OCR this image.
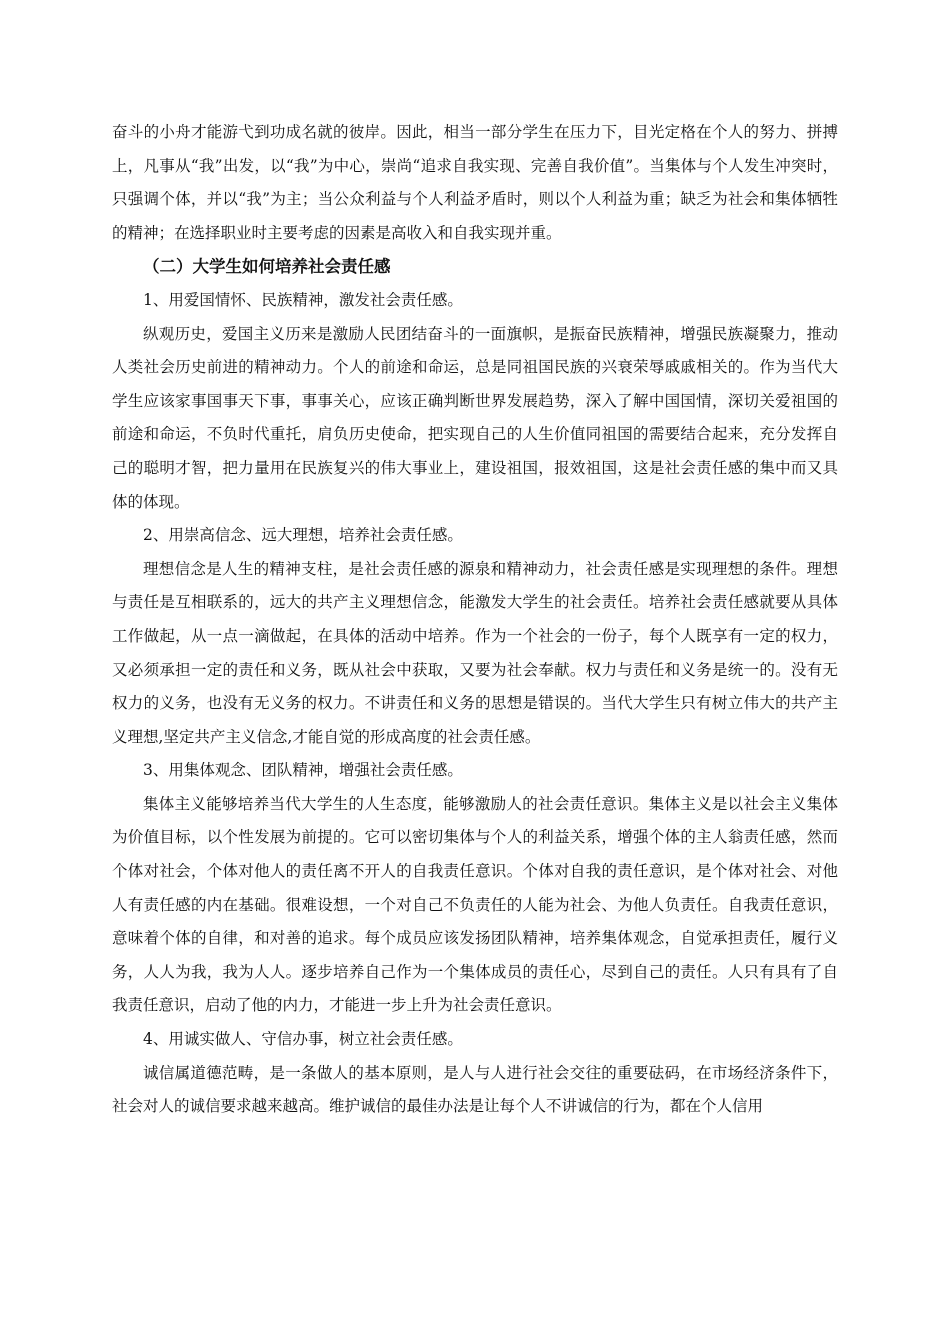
奋斗的小舟才能游弋到功成名就的彼岸。因此，相当一部分学生在压力下，目光定格在个人的努力、拼搏上，凡事从“我”出发，以“我”为中心，崇尚“追求自我实现、完善自我价值”。当集体与个人发生冲突时，只强调个体，并以“我”为主；当公众利益与个人利益矛盾时，则以个人利益为重；缺乏为社会和集体牺牲的精神；在选择职业时主要考虑的因素是高收入和自我实现并重。

（二）大学生如何培养社会责任感

1、用爱国情怀、民族精神，激发社会责任感。

纵观历史，爱国主义历来是激励人民团结奋斗的一面旗帜，是振奋民族精神，增强民族凝聚力，推动人类社会历史前进的精神动力。个人的前途和命运，总是同祖国民族的兴衰荣辱戚戚相关的。作为当代大学生应该家事国事天下事，事事关心，应该正确判断世界发展趋势，深入了解中国国情，深切关爱祖国的前途和命运，不负时代重托，肩负历史使命，把实现自己的人生价值同祖国的需要结合起来，充分发挥自己的聪明才智，把力量用在民族复兴的伟大事业上，建设祖国，报效祖国，这是社会责任感的集中而又具体的体现。

2、用崇高信念、远大理想，培养社会责任感。

理想信念是人生的精神支柱，是社会责任感的源泉和精神动力，社会责任感是实现理想的条件。理想与责任是互相联系的，远大的共产主义理想信念，能激发大学生的社会责任。培养社会责任感就要从具体工作做起，从一点一滴做起，在具体的活动中培养。作为一个社会的一份子，每个人既享有一定的权力，又必须承担一定的责任和义务，既从社会中获取，又要为社会奉献。权力与责任和义务是统一的。没有无权力的义务，也没有无义务的权力。不讲责任和义务的思想是错误的。当代大学生只有树立伟大的共产主义理想,坚定共产主义信念,才能自觉的形成高度的社会责任感。

3、用集体观念、团队精神，增强社会责任感。

集体主义能够培养当代大学生的人生态度，能够激励人的社会责任意识。集体主义是以社会主义集体为价值目标，以个性发展为前提的。它可以密切集体与个人的利益关系，增强个体的主人翁责任感，然而个体对社会，个体对他人的责任离不开人的自我责任意识。个体对自我的责任意识，是个体对社会、对他人有责任感的内在基础。很难设想，一个对自己不负责任的人能为社会、为他人负责任。自我责任意识，意味着个体的自律，和对善的追求。每个成员应该发扬团队精神，培养集体观念，自觉承担责任，履行义务，人人为我，我为人人。逐步培养自己作为一个集体成员的责任心，尽到自己的责任。人只有具有了自我责任意识，启动了他的内力，才能进一步上升为社会责任意识。

4、用诚实做人、守信办事，树立社会责任感。

诚信属道德范畴，是一条做人的基本原则，是人与人进行社会交往的重要砝码，在市场经济条件下，社会对人的诚信要求越来越高。维护诚信的最佳办法是让每个人不讲诚信的行为，都在个人信用
